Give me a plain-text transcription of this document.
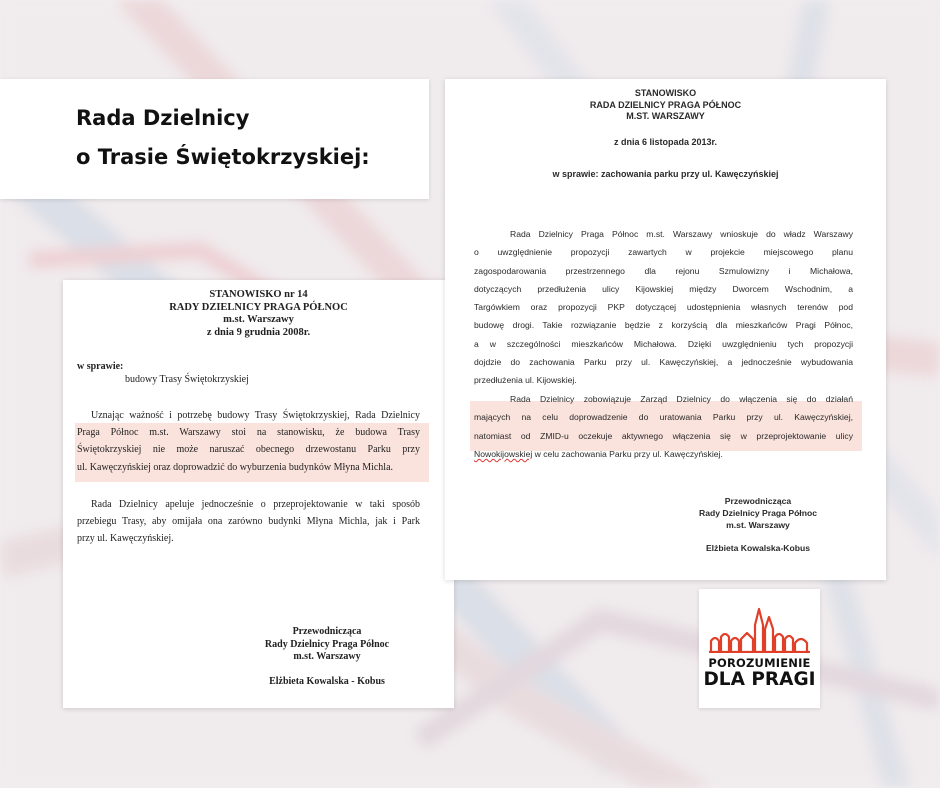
Rada Dzielnicy
o Trasie Świętokrzyskiej:
STANOWISKO nr 14
RADY DZIELNICY PRAGA PÓŁNOC
m.st. Warszawy
z dnia 9 grudnia 2008r.
w sprawie:
budowy Trasy Świętokrzyskiej
Uznając ważność i potrzebę budowy Trasy Świętokrzyskiej, Rada Dzielnicy
Praga Północ m.st. Warszawy stoi na stanowisku, że budowa Trasy
Świętokrzyskiej nie może naruszać obecnego drzewostanu Parku przy
ul. Kawęczyńskiej oraz doprowadzić do wyburzenia budynków Młyna Michla.
Rada Dzielnicy apeluje jednocześnie o przeprojektowanie w taki sposób
przebiegu Trasy, aby omijała ona zarówno budynki Młyna Michla, jak i Park
przy ul. Kawęczyńskiej.
Przewodnicząca
Rady Dzielnicy Praga Północ
m.st. Warszawy
Elżbieta Kowalska - Kobus
STANOWISKO
RADA DZIELNICY PRAGA PÓŁNOC
M.ST. WARSZAWY
z dnia 6 listopada 2013r.
w sprawie: zachowania parku przy ul. Kawęczyńskiej
Rada Dzielnicy Praga Północ m.st. Warszawy wnioskuje do władz Warszawy
o uwzględnienie propozycji zawartych w projekcie miejscowego planu
zagospodarowania przestrzennego dla rejonu Szmulowizny i Michałowa,
dotyczących przedłużenia ulicy Kijowskiej między Dworcem Wschodnim, a
Targówkiem oraz propozycji PKP dotyczącej udostępnienia własnych terenów pod
budowę drogi. Takie rozwiązanie będzie z korzyścią dla mieszkańców Pragi Północ,
a w szczególności mieszkańców Michałowa. Dzięki uwzględnieniu tych propozycji
dojdzie do zachowania Parku przy ul. Kawęczyńskiej, a jednocześnie wybudowania
przedłużenia ul. Kijowskiej.
Rada Dzielnicy zobowiązuje Zarząd Dzielnicy do włączenia się do działań
mających na celu doprowadzenie do uratowania Parku przy ul. Kawęczyńskiej,
natomiast od ZMID-u oczekuje aktywnego włączenia się w przeprojektowanie ulicy
Nowokijowskiej w celu zachowania Parku przy ul. Kawęczyńskiej.
Przewodnicząca
Rady Dzielnicy Praga Północ
m.st. Warszawy
Elżbieta Kowalska-Kobus
POROZUMIENIE
DLA PRAGI
